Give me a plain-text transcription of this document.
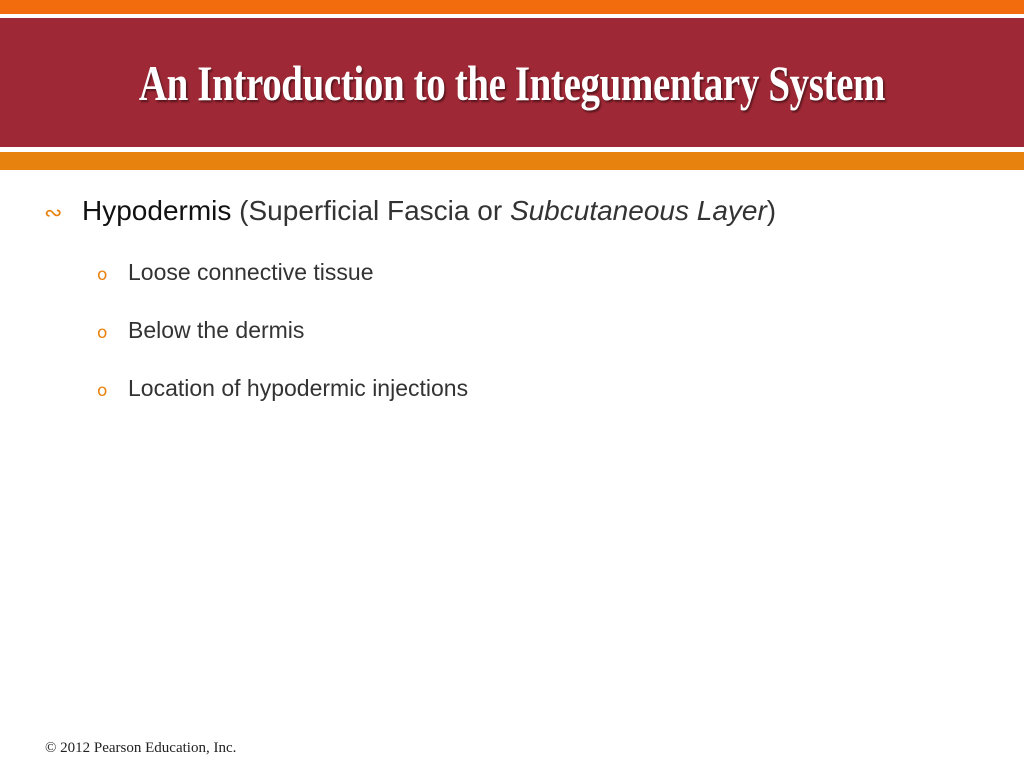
An Introduction to the Integumentary System
∾ Hypodermis (Superficial Fascia or Subcutaneous Layer)
o Loose connective tissue
o Below the dermis
o Location of hypodermic injections
© 2012 Pearson Education, Inc.
